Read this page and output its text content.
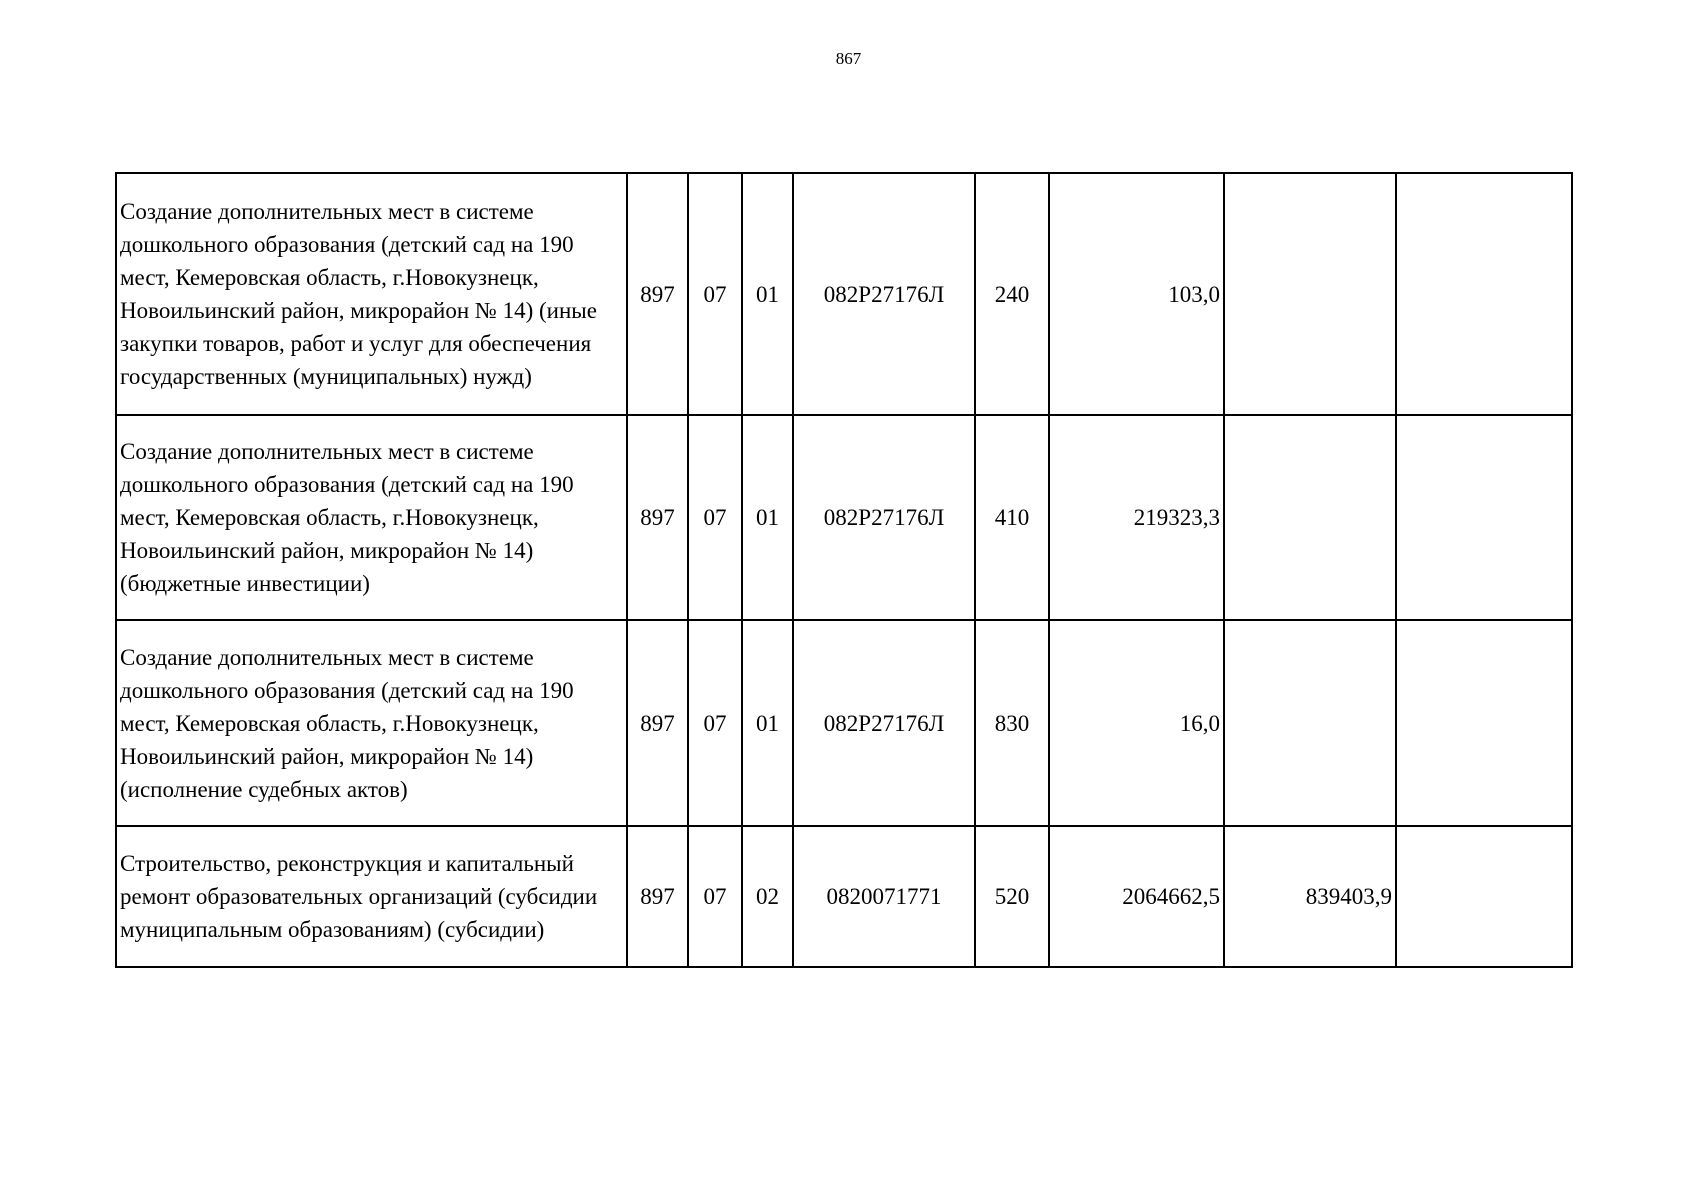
867
Создание дополнительных мест в системе дошкольного образования (детский сад на 190 мест, Кемеровская область, г.Новокузнецк, Новоильинский район, микрорайон № 14) (иные закупки товаров, работ и услуг для обеспечения государственных (муниципальных) нужд)	897	07	01	082P27176Л	240	103,0		
Создание дополнительных мест в системе дошкольного образования (детский сад на 190 мест, Кемеровская область, г.Новокузнецк, Новоильинский район, микрорайон № 14) (бюджетные инвестиции)	897	07	01	082P27176Л	410	219323,3		
Создание дополнительных мест в системе дошкольного образования (детский сад на 190 мест, Кемеровская область, г.Новокузнецк, Новоильинский район, микрорайон № 14) (исполнение судебных актов)	897	07	01	082P27176Л	830	16,0		
Строительство, реконструкция и капитальный ремонт образовательных организаций (субсидии муниципальным образованиям) (субсидии)	897	07	02	0820071771	520	2064662,5	839403,9	
